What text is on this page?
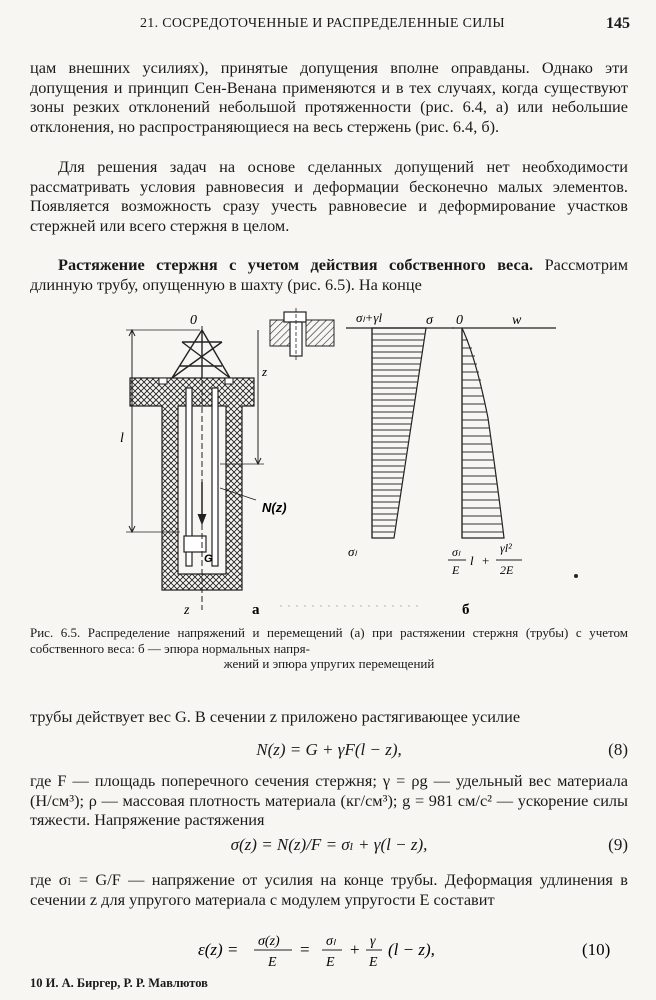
21. СОСРЕДОТОЧЕННЫЕ И РАСПРЕДЕЛЕННЫЕ СИЛЫ	145

цам внешних усилиях), принятые допущения вполне оправданы. Однако эти допущения и принцип Сен-Венана применяются и в тех случаях, когда существуют зоны резких отклонений небольшой протяженности (рис. 6.4, а) или небольшие отклонения, но распространяющиеся на весь стержень (рис. 6.4, б).

Для решения задач на основе сделанных допущений нет необходимости рассматривать условия равновесия и деформации бесконечно малых элементов. Появляется возможность сразу учесть равновесие и деформирование участков стержней или всего стержня в целом.

Растяжение стержня с учетом действия собственного веса. Рассмотрим длинную трубу, опущенную в шахту (рис. 6.5). На конце

0
z
l
N(z)
G
z	а
σₗ+γl	σ
σₗ
0	w
σₗ
E
l +
γl²
2E
б

Рис. 6.5. Распределение напряжений и перемещений (а) при растяжении стержня (трубы) с учетом собственного веса: б — эпюра нормальных напря-
жений и эпюра упругих перемещений

трубы действует вес G. В сечении z приложено растягивающее усилие

N(z) = G + γF(l − z),	(8)

где F — площадь поперечного сечения стержня; γ = ρg — удельный вес материала (Н/см³); ρ — массовая плотность материала (кг/см³); g = 981 см/с² — ускорение силы тяжести. Напряжение растяжения

σ(z) = N(z)/F = σₗ + γ(l − z),	(9)

где σₗ = G/F — напряжение от усилия на конце трубы. Деформация удлинения в сечении z для упругого материала с модулем упругости E составит

ε(z) = σ(z)
E
= σₗ
E
+ γ
E
(l − z),	(10)
10 И. А. Биргер, Р. Р. Мавлютов
